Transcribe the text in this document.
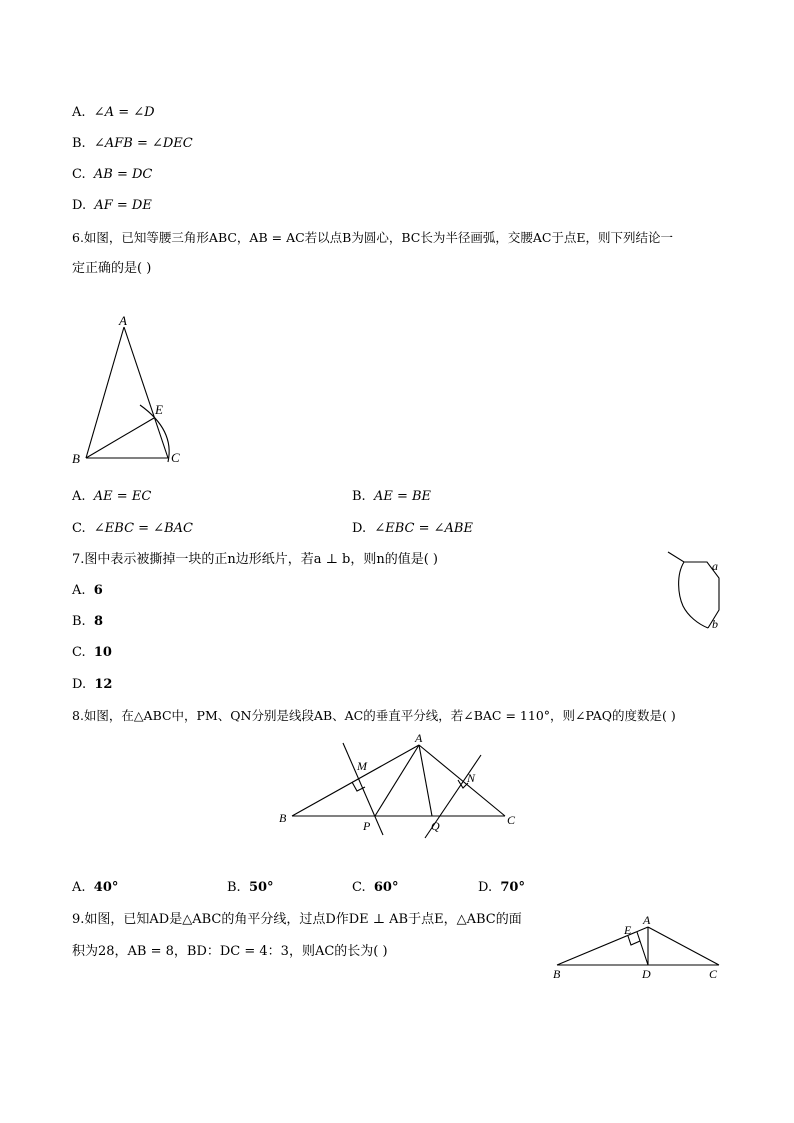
A. ∠A = ∠D
B. ∠AFB = ∠DEC
C. AB = DC
D. AF = DE
6.如图，已知等腰三角形ABC，AB = AC若以点B为圆心，BC长为半径画弧，交腰AC于点E，则下列结论一
定正确的是( )
A
B	C
E
A. AE = EC	B. AE = BE
C. ∠EBC = ∠BAC	D. ∠EBC = ∠ABE
7.图中表示被撕掉一块的正n边形纸片，若a ⊥ b，则n的值是( )	a
b
A. 6
B. 8
C. 10
D. 12
8.如图，在△ABC中，PM、QN分别是线段AB、AC的垂直平分线，若∠BAC = 110°，则∠PAQ的度数是( )
A
B	C
M
N
P	Q
A. 40°	B. 50°	C. 60°	D. 70°
9.如图，已知AD是△ABC的角平分线，过点D作DE ⊥ AB于点E，△ABC的面
积为28，AB = 8，BD：DC = 4：3，则AC的长为( )
A
B	C
D
E
